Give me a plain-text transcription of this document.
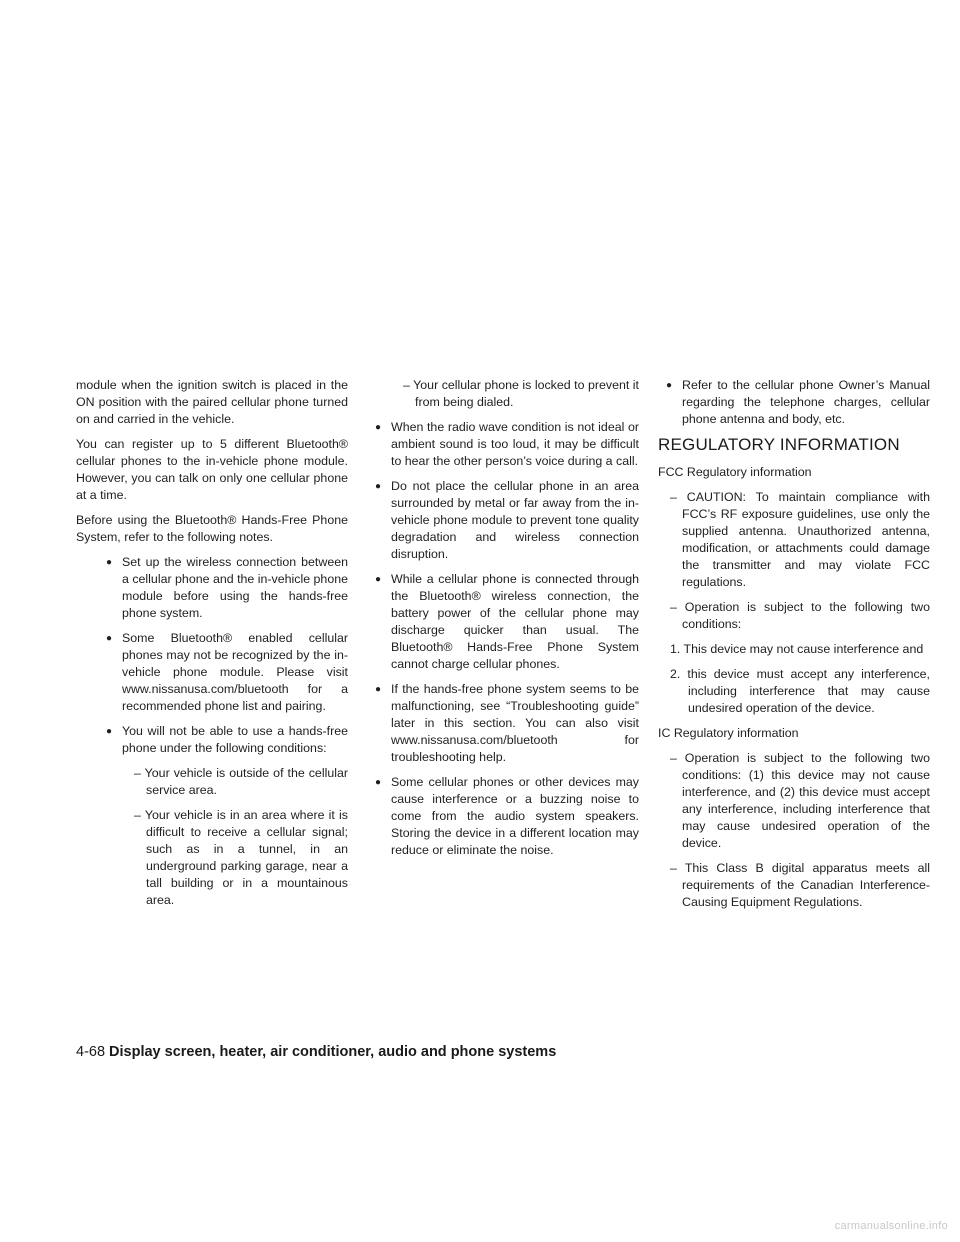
module when the ignition switch is placed in the ON position with the paired cellular phone turned on and carried in the vehicle.

You can register up to 5 different Bluetooth® cellular phones to the in-vehicle phone module. However, you can talk on only one cellular phone at a time.

Before using the Bluetooth® Hands-Free Phone System, refer to the following notes.

● Set up the wireless connection between a cellular phone and the in-vehicle phone module before using the hands-free phone system.
● Some Bluetooth® enabled cellular phones may not be recognized by the in-vehicle phone module. Please visit www.nissanusa.com/bluetooth for a recommended phone list and pairing.
● You will not be able to use a hands-free phone under the following conditions:
– Your vehicle is outside of the cellular service area.
– Your vehicle is in an area where it is difficult to receive a cellular signal; such as in a tunnel, in an underground parking garage, near a tall building or in a mountainous area.
– Your cellular phone is locked to prevent it from being dialed.
● When the radio wave condition is not ideal or ambient sound is too loud, it may be difficult to hear the other person’s voice during a call.
● Do not place the cellular phone in an area surrounded by metal or far away from the in-vehicle phone module to prevent tone quality degradation and wireless connection disruption.
● While a cellular phone is connected through the Bluetooth® wireless connection, the battery power of the cellular phone may discharge quicker than usual. The Bluetooth® Hands-Free Phone System cannot charge cellular phones.
● If the hands-free phone system seems to be malfunctioning, see “Troubleshooting guide” later in this section. You can also visit www.nissanusa.com/bluetooth for troubleshooting help.
● Some cellular phones or other devices may cause interference or a buzzing noise to come from the audio system speakers. Storing the device in a different location may reduce or eliminate the noise.
● Refer to the cellular phone Owner’s Manual regarding the telephone charges, cellular phone antenna and body, etc.
REGULATORY INFORMATION

FCC Regulatory information

– CAUTION: To maintain compliance with FCC’s RF exposure guidelines, use only the supplied antenna. Unauthorized antenna, modification, or attachments could damage the transmitter and may violate FCC regulations.
– Operation is subject to the following two conditions:
1. This device may not cause interference and
2. this device must accept any interference, including interference that may cause undesired operation of the device.

IC Regulatory information

– Operation is subject to the following two conditions: (1) this device may not cause interference, and (2) this device must accept any interference, including interference that may cause undesired operation of the device.
– This Class B digital apparatus meets all requirements of the Canadian Interference-Causing Equipment Regulations.
4-68 Display screen, heater, air conditioner, audio and phone systems
carmanualsonline.info
